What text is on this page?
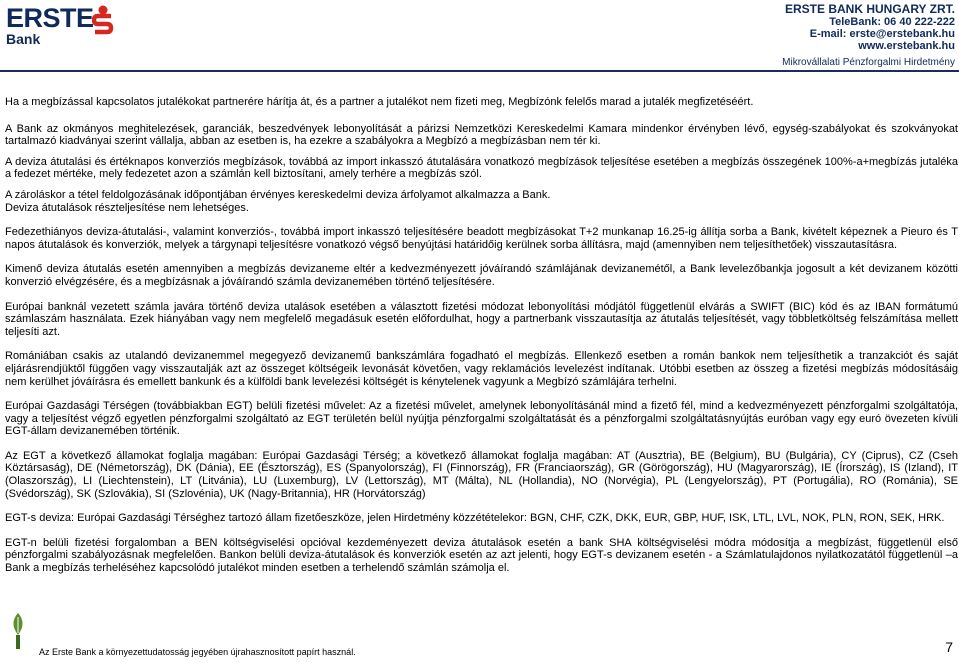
ERSTE
Bank
ERSTE BANK HUNGARY ZRT.
TeleBank: 06 40 222-222
E-mail: erste@erstebank.hu
www.erstebank.hu
Mikrovállalati Pénzforgalmi Hirdetmény

Ha a megbízással kapcsolatos jutalékokat partnerére hárítja át, és a partner a jutalékot nem fizeti meg, Megbízónk felelős marad a jutalék megfizetéséért.

A Bank az okmányos meghitelezések, garanciák, beszedvények lebonyolítását a párizsi Nemzetközi Kereskedelmi Kamara mindenkor érvényben lévő, egység-szabályokat és szokványokat tartalmazó kiadványai szerint vállalja, abban az esetben is, ha ezekre a szabályokra a Megbízó a megbízásban nem tér ki.

A deviza átutalási és értéknapos konverziós megbízások, továbbá az import inkasszó átutalására vonatkozó megbízások teljesítése esetében a megbízás összegének 100%-a+megbízás jutaléka a fedezet mértéke, mely fedezetet azon a számlán kell biztosítani, amely terhére a megbízás szól.

A zároláskor a tétel feldolgozásának időpontjában érvényes kereskedelmi deviza árfolyamot alkalmazza a Bank.

Deviza átutalások részteljesítése nem lehetséges.

Fedezethiányos deviza-átutalási-, valamint konverziós-, továbbá import inkasszó teljesítésére beadott megbízásokat T+2 munkanap 16.25-ig állítja sorba a Bank, kivételt képeznek a Pieuro és T napos átutalások és konverziók, melyek a tárgynapi teljesítésre vonatkozó végső benyújtási határidőig kerülnek sorba állításra, majd (amennyiben nem teljesíthetőek) visszautasításra.

Kimenő deviza átutalás esetén amennyiben a megbízás devizaneme eltér a kedvezményezett jóváírandó számlájának devizanemétől, a Bank levelezőbankja jogosult a két devizanem közötti konverzió elvégzésére, és a megbízásnak a jóváírandó számla devizanemében történő teljesítésére.

Európai banknál vezetett számla javára történő deviza utalások esetében a választott fizetési módozat lebonyolítási módjától függetlenül elvárás a SWIFT (BIC) kód és az IBAN formátumú számlaszám használata. Ezek hiányában vagy nem megfelelő megadásuk esetén előfordulhat, hogy a partnerbank visszautasítja az átutalás teljesítését, vagy többletköltség felszámítása mellett teljesíti azt.

Romániában csakis az utalandó devizanemmel megegyező devizanemű bankszámlára fogadható el megbízás. Ellenkező esetben a román bankok nem teljesíthetik a tranzakciót és saját eljárásrendjüktől függően vagy visszautalják azt az összeget költségeik levonását követően, vagy reklamációs levelezést indítanak. Utóbbi esetben az összeg a fizetési megbízás módosításáig nem kerülhet jóváírásra és emellett bankunk és a külföldi bank levelezési költségét is kénytelenek vagyunk a Megbízó számlájára terhelni.

Európai Gazdasági Térségen (továbbiakban EGT) belüli fizetési művelet: Az a fizetési művelet, amelynek lebonyolításánál mind a fizető fél, mind a kedvezményezett pénzforgalmi szolgáltatója, vagy a teljesítést végző egyetlen pénzforgalmi szolgáltató az EGT területén belül nyújtja pénzforgalmi szolgáltatását és a pénzforgalmi szolgáltatásnyújtás euróban vagy egy euró övezeten kívüli EGT-állam devizanemében történik.

Az EGT a következő államokat foglalja magában: Európai Gazdasági Térség; a következő államokat foglalja magában: AT (Ausztria), BE (Belgium), BU (Bulgária), CY (Ciprus), CZ (Cseh Köztársaság), DE (Németország), DK (Dánia), EE (Észtország), ES (Spanyolország), FI (Finnország), FR (Franciaország), GR (Görögország), HU (Magyarország), IE (Írország), IS (Izland), IT (Olaszország), LI (Liechtenstein), LT (Litvánia), LU (Luxemburg), LV (Lettország), MT (Málta), NL (Hollandia), NO (Norvégia), PL (Lengyelország), PT (Portugália), RO (Románia), SE (Svédország), SK (Szlovákia), SI (Szlovénia), UK (Nagy-Britannia), HR (Horvátország)

EGT-s deviza: Európai Gazdasági Térséghez tartozó állam fizetőeszköze, jelen Hirdetmény közzétételekor: BGN, CHF, CZK, DKK, EUR, GBP, HUF, ISK, LTL, LVL, NOK, PLN, RON, SEK, HRK.

EGT-n belüli fizetési forgalomban a BEN költségviselési opcióval kezdeményezett deviza átutalások esetén a bank SHA költségviselési módra módosítja a megbízást, függetlenül első pénzforgalmi szabályozásnak megfelelően. Bankon belüli deviza-átutalások és konverziók esetén az azt jelenti, hogy EGT-s devizanem esetén - a Számlatulajdonos nyilatkozatától függetlenül –a Bank a megbízás terheléséhez kapcsolódó jutalékot minden esetben a terhelendő számlán számolja el.

Az Erste Bank a környezettudatosság jegyében újrahasznosított papírt használ.	7
